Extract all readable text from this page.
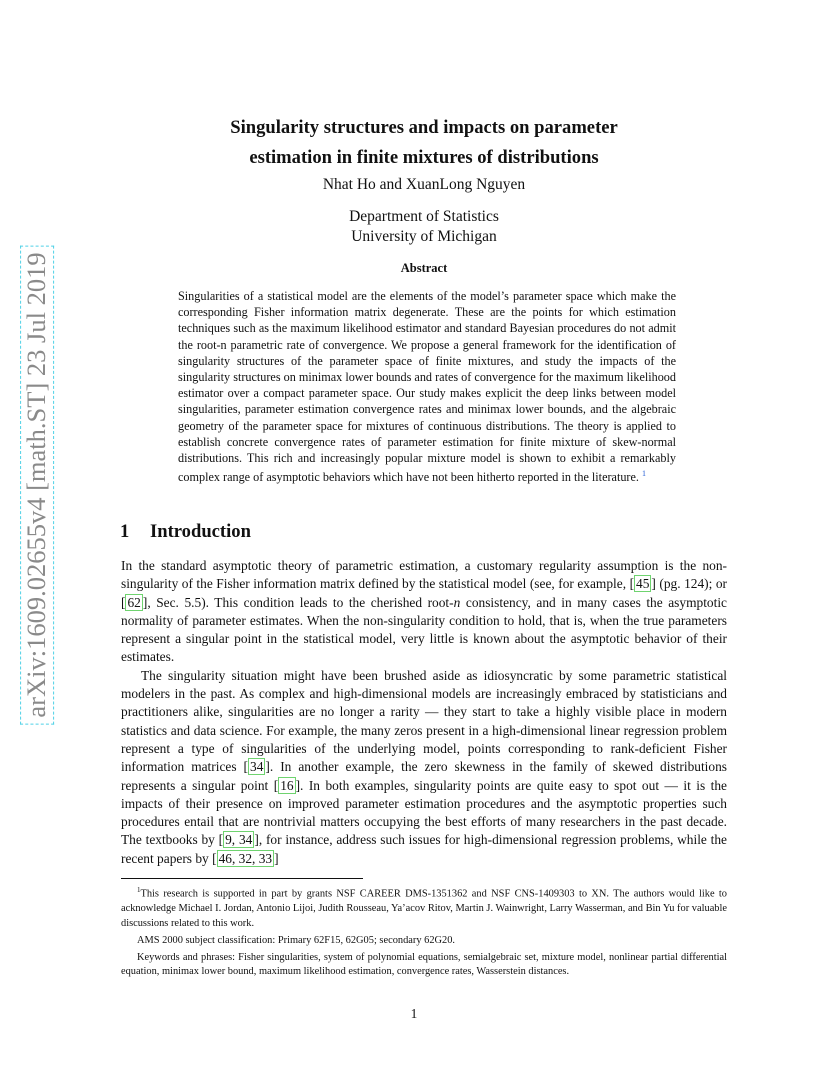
arXiv:1609.02655v4 [math.ST] 23 Jul 2019
Singularity structures and impacts on parameter
estimation in finite mixtures of distributions
Nhat Ho and XuanLong Nguyen
Department of Statistics
University of Michigan
Abstract
Singularities of a statistical model are the elements of the model’s parameter space which make the corresponding Fisher information matrix degenerate. These are the points for which estimation techniques such as the maximum likelihood estimator and standard Bayesian procedures do not admit the root-n parametric rate of convergence. We propose a general framework for the identification of singularity structures of the parameter space of finite mixtures, and study the impacts of the singularity structures on minimax lower bounds and rates of convergence for the maximum likelihood estimator over a compact parameter space. Our study makes explicit the deep links between model singularities, parameter estimation convergence rates and minimax lower bounds, and the algebraic geometry of the parameter space for mixtures of continuous distributions. The theory is applied to establish concrete convergence rates of parameter estimation for finite mixture of skew-normal distributions. This rich and increasingly popular mixture model is shown to exhibit a remarkably complex range of asymptotic behaviors which have not been hitherto reported in the literature. $^1$
1 Introduction

In the standard asymptotic theory of parametric estimation, a customary regularity assumption is the non-singularity of the Fisher information matrix defined by the statistical model (see, for example, [ 45 ] (pg. 124); or [ 62 ], Sec. 5.5). This condition leads to the cherished root-n consistency, and in many cases the asymptotic normality of parameter estimates. When the non-singularity condition to hold, that is, when the true parameters represent a singular point in the statistical model, very little is known about the asymptotic behavior of their estimates.

The singularity situation might have been brushed aside as idiosyncratic by some parametric statistical modelers in the past. As complex and high-dimensional models are increasingly embraced by statisticians and practitioners alike, singularities are no longer a rarity — they start to take a highly visible place in modern statistics and data science. For example, the many zeros present in a high-dimensional linear regression problem represent a type of singularities of the underlying model, points corresponding to rank-deficient Fisher information matrices [ 34 ]. In another example, the zero skewness in the family of skewed distributions represents a singular point [ 16 ]. In both examples, singularity points are quite easy to spot out — it is the impacts of their presence on improved parameter estimation procedures and the asymptotic properties such procedures entail that are nontrivial matters occupying the best efforts of many researchers in the past decade. The textbooks by [ 9, 34 ], for instance, address such issues for high-dimensional regression problems, while the recent papers by [ 46, 32, 33 ]

$^1$This research is supported in part by grants NSF CAREER DMS-1351362 and NSF CNS-1409303 to XN. The authors would like to acknowledge Michael I. Jordan, Antonio Lijoi, Judith Rousseau, Ya’acov Ritov, Martin J. Wainwright, Larry Wasserman, and Bin Yu for valuable discussions related to this work.

AMS 2000 subject classification: Primary 62F15, 62G05; secondary 62G20.

Keywords and phrases: Fisher singularities, system of polynomial equations, semialgebraic set, mixture model, nonlinear partial differential equation, minimax lower bound, maximum likelihood estimation, convergence rates, Wasserstein distances.

1
